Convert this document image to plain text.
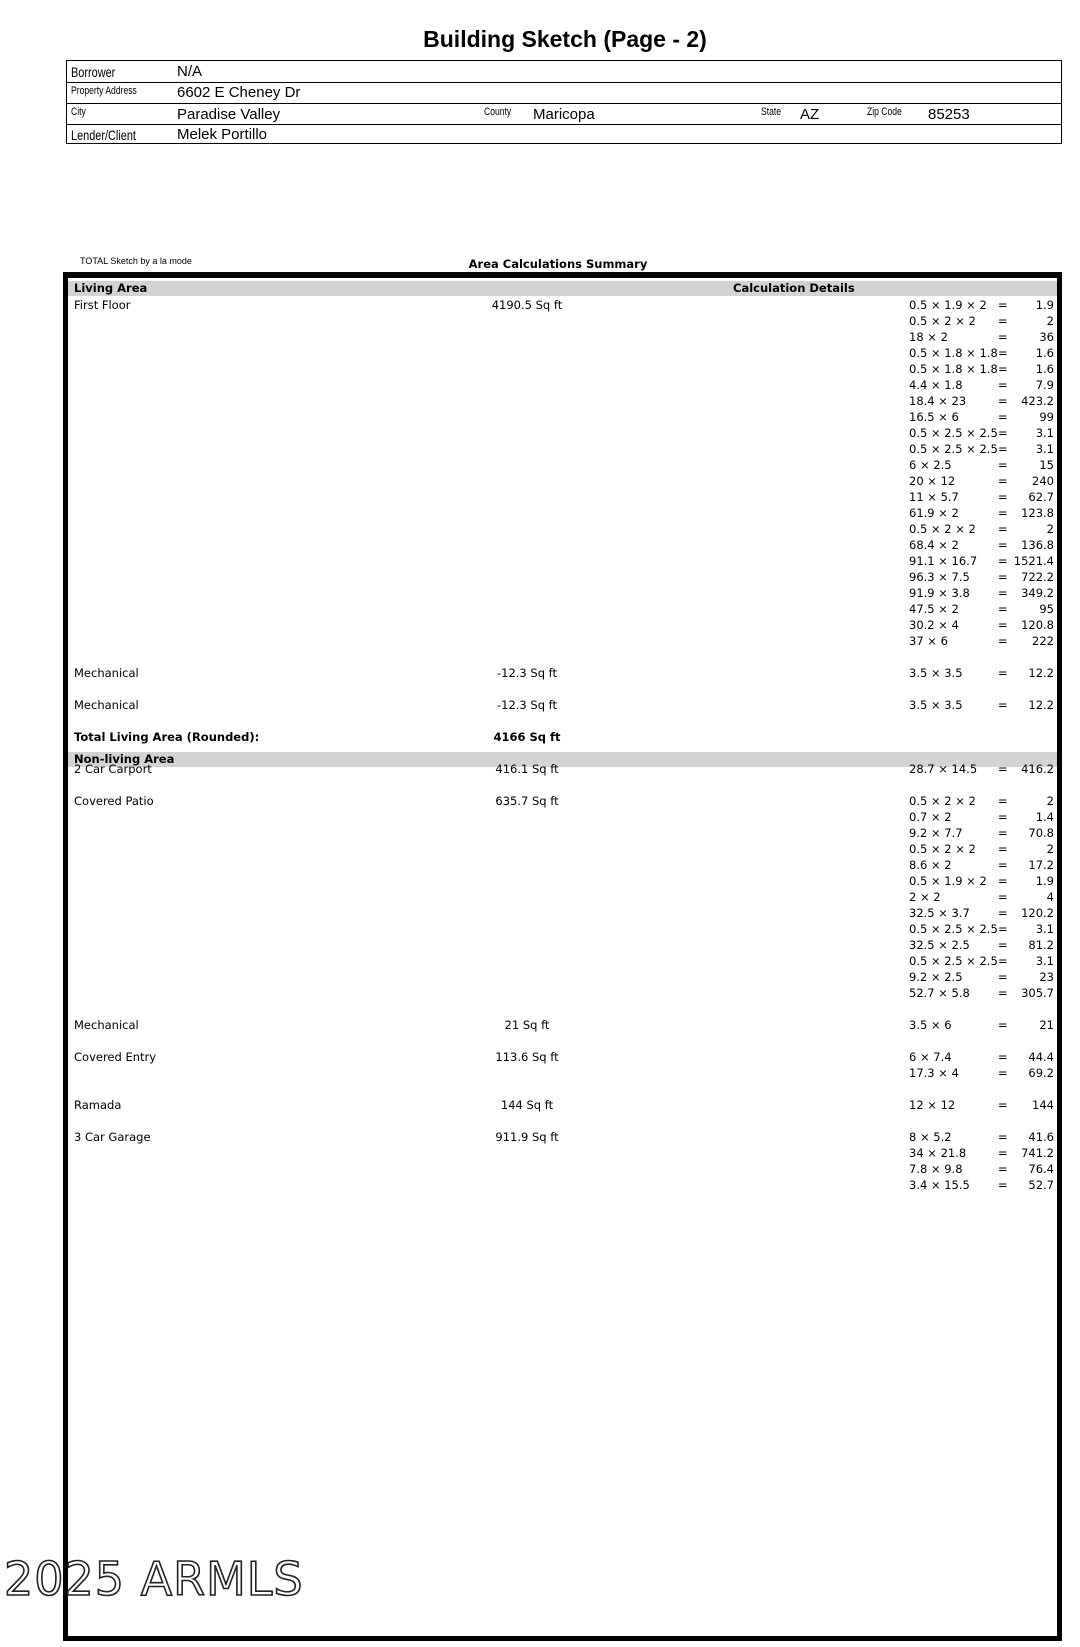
Building Sketch (Page - 2)
Borrower	N/A
Property Address	6602 E Cheney Dr
City	Paradise Valley	County Maricopa	State AZ	Zip Code 85253
Lender/Client	Melek Portillo
TOTAL Sketch by a la mode	Area Calculations Summary
Living Area	Calculation Details
Non-living Area
First Floor	4190.5 Sq ft	0.5 × 1.9 × 2 =	1.9
0.5 × 2 × 2 =	2
18 × 2	=	36
0.5 × 1.8 × 1.8 =	1.6
0.5 × 1.8 × 1.8 =	1.6
4.4 × 1.8	=	7.9
18.4 × 23	=	423.2
16.5 × 6	=	99
0.5 × 2.5 × 2.5 =	3.1
0.5 × 2.5 × 2.5 =	3.1
6 × 2.5	=	15
20 × 12	=	240
11 × 5.7	=	62.7
61.9 × 2	=	123.8
0.5 × 2 × 2 =	2
68.4 × 2	=	136.8
91.1 × 16.7 = 1521.4
96.3 × 7.5 =	722.2
91.9 × 3.8 =	349.2
47.5 × 2	=	95
30.2 × 4	=	120.8
37 × 6	=	222
Mechanical	-12.3 Sq ft	3.5 × 3.5	=	12.2
Mechanical	-12.3 Sq ft	3.5 × 3.5	=	12.2
Total Living Area (Rounded):	4166 Sq ft
2 Car Carport	416.1 Sq ft	28.7 × 14.5 =	416.2
Covered Patio	635.7 Sq ft	0.5 × 2 × 2 =	2
0.7 × 2	=	1.4
9.2 × 7.7	=	70.8
0.5 × 2 × 2 =	2
8.6 × 2	=	17.2
0.5 × 1.9 × 2 =	1.9
2 × 2	=	4
32.5 × 3.7 =	120.2
0.5 × 2.5 × 2.5 =	3.1
32.5 × 2.5 =	81.2
0.5 × 2.5 × 2.5 =	3.1
9.2 × 2.5	=	23
52.7 × 5.8 =	305.7
Mechanical	21 Sq ft	3.5 × 6	=	21
Covered Entry	113.6 Sq ft	6 × 7.4	=	44.4
17.3 × 4	=	69.2
Ramada	144 Sq ft	12 × 12	=	144
3 Car Garage	911.9 Sq ft	8 × 5.2	=	41.6
34 × 21.8	=	741.2
7.8 × 9.8	=	76.4
3.4 × 15.5 =	52.7
2025 ARMLS
